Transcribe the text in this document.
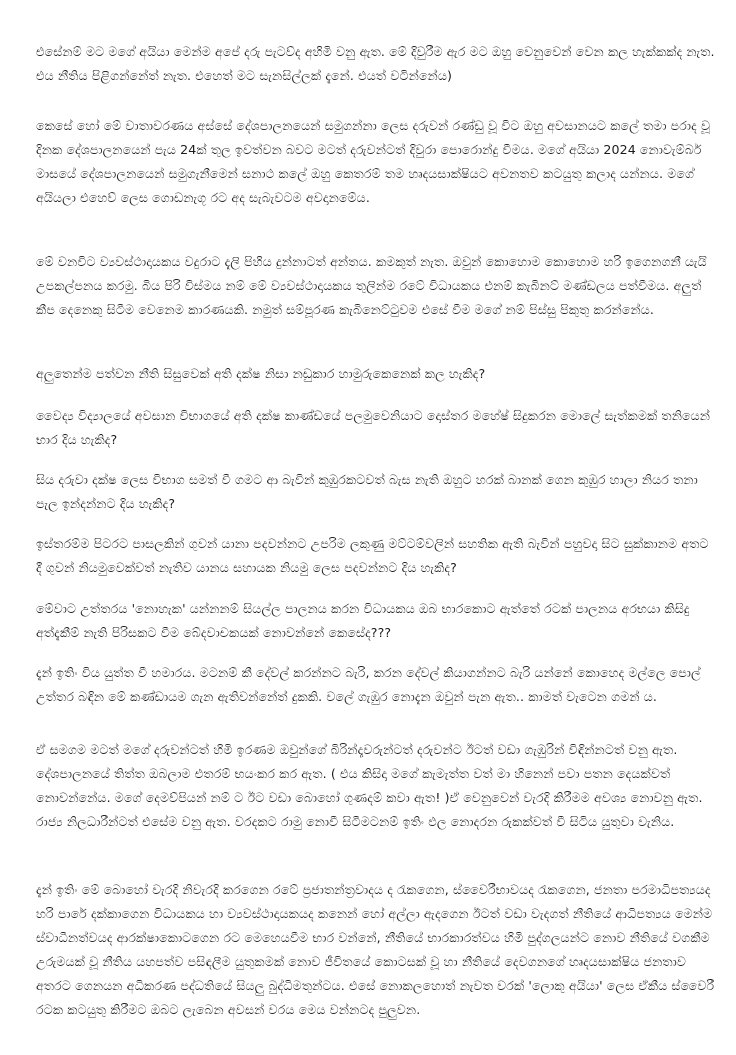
එසේනම් මට මගේ අයියා මෙන්ම අපේ දරු පැටව්ද අහිමි වනු ඇත. මේ දිවුරීම ඇර මට ඔහු වෙනුවෙන් වෙන කල හැක්කක්ද නැත. එය නීතිය පිළිගන්නේත් නැත. එහෙත් මට සැනසිල්ලක් දැනේ. එයත් වටින්නේය)

කෙසේ හෝ මේ වාතාවරණය අස්සේ දේශපාලනයෙන් සමුගන්නා ලෙස දරුවන් රණ්ඩු වූ විට ඔහු අවසානයට කලේ තමා පරාද වූ දිනක දේශපාලනයෙන් පැය 24ක් තුල ඉවත්වන බවට මටත් දරුවන්ටත් දිවුරා පොරොන්දු වීමය. මගේ අයියා 2024 නොවැම්බර් මාසයේ දේශපාලනයෙන් සමුගැනීමෙන් සනාථ කලේ ඔහු කෙතරම් තම හෘදයසාක්ෂියට අවනතව කටයුතු කලාද යන්නය. මගේ අයියලා එහෙව් ලෙස ගොඩනැගූ රට අද සැබැවටම අවදානමේය.

මේ වනවිට ව්‍යවස්ථාදායකය වදුරාට දැලි පිහිය දුන්නාටත් අන්තය. කමකුත් නැත. ඔවුන් කොහොම කොහොම හරි ඉගෙනගනී යැයි උපකල්පනය කරමු. බිය පිරි විස්මය නම් මේ ව්‍යවස්ථාදායකය තුලින්ම රටේ විධායකය එනම් කැබිනට් මණ්ඩලය පත්වීමය. අලුත් කීප දෙනෙකු සිටීම වෙනෙම කාරණයකි. නමුත් සම්පූරණ කැබිනෙට්ටුවම එසේ වීම මගේ නම් පිස්සු පිකුතු කරන්නේය.

අලුතෙන්ම පත්වන නීති සිසුවෙක් අති දක්ෂ නිසා නඩුකාර හාමුරුකෙනෙක් කල හැකිද?

වෛද්‍ය විද්‍යාලයේ අවසාන විභාගයේ අති දක්ෂ කාණ්ඩයේ පලමුවෙනියාට දොස්තර මහේෂ් සිදුකරන මොලේ සැත්කමක් තනියෙන් භාර දිය හැකිද?

සිය දරුවා දක්ෂ ලෙස විභාග සමත් වී ගමට ආ බැවින් කුඹුරකටවත් බැස නැති ඔහුට හරක් බානක් ගෙන කුඹුර හාලා නියර තනා පැල ඉන්දන්නට දිය හැකිද?

ඉස්තරම්ම පිටරට පාසලකින් ගුවන් යානා පදවන්නට උපරිම ලකුණු මට්ටම්වලින් සහතික ඇති බැවින් පහුවදා සිට සුක්කානම අතට දී ගුවන් නියමුවෙක්වත් නැතිව යානය සහායක නියමු ලෙස පදවන්නට දිය හැකිද?

මේවාට උත්තරය 'නොහැක' යන්නනම් සියල්ල පාලනය කරන විධායකය ඔබ භාරකොට ඇත්තේ රටක් පාලනය අරභයා කිසිදු අත්දැකීම් නැති පිරිසකට වීම බේදවාචකයක් නොවන්නේ කෙසේද???

දැන් ඉතිං විය යුත්ත වී හමාරය. මටනම් කී දේවල් කරන්නට බැරි, කරන දේවල් කියාගන්නට බැරි යන්නේ කොහෙද මල්ලෙ පොල් උත්තර බඳින මේ කණ්ඩායම ගැන ඇතිවන්නේත් දුකකි. වලේ ගැඹුර නොදැන ඔවුන් පැන ඇත.. කාමත් වැටෙන ගමන් ය.

ඒ සමගම මටත් මගේ දරුවන්ටත් හිමි ඉරණම ඔවුන්ගේ බිරින්දෑවරුන්ටත් දරුවන්ට ඊටත් වඩා ගැඹුරින් විඳින්නටත් වනු ඇත. දේශපාලනයේ තිත්ත ඔබලාම එතරම් භයංකර කර ඇත. ( එය කිසිදා මගේ කැමැත්ත වත් මා හිනෙන් පවා පතන දෙයක්වත් නොවන්නේය. මගේ දෙමව්පියන් නම් ට ඊට වඩා බොහෝ ගුණදම් කවා ඇත! )ඒ වෙනුවෙන් වැරදි කිරීමම අවශ්‍ය නොවනු ඇත. රාජ්‍ය නිලධාරීන්ටත් එසේම වනු ඇත. වරදකට රාමු නොවී සිටීමටනම් ඉතිං ඵල නොදරන රුකක්වත් වී සිටිය යුතුවා වැනිය.

දැන් ඉතිං මේ බොහෝ වැරදි නිවැරදි කරගෙන රටේ ප්‍රජාතන්ත්‍රවාදය ද රැකගෙන, ස්වෛරීභාවයද රැකගෙන, ජනතා පරමාධිපත්‍යයද හරි පාරේ දක්කාගෙන විධායකය හා ව්‍යවස්ථාදායකයද කනෙන් හෝ අල්ලා ඇදගෙන ඊටත් වඩා වැදගත් නීතියේ ආධිපත්‍යය මෙන්ම ස්වාධීනත්වයද ආරක්ෂාකොටගෙන රට මෙහෙයවීම භාර වන්නේ, නීතියේ භාරකාරත්වය හිමි පුද්ගලයන්ට නොව නීතියේ වගකීම උරුමයක් වූ නීතිය යහපත්ව පසිඳලීම යුතුකමක් නොව ජීවිතයේ කොටසක් වූ හා නීතියේ දෙවගනගේ හෘදයසාක්ෂිය ජනතාව අතරට ගෙනයන අධිකරණ පද්ධතියේ සියලු බුද්ධිමතුන්ටය. එසේ නොකලහොත් නැවත වරක් 'ලොකු අයියා' ලෙස ඒකීය ස්වෛරී රටක කටයුතු කිරීමට ඔබට ලැබෙන අවසන් වරය මෙය වන්නටද පුලුවන.
